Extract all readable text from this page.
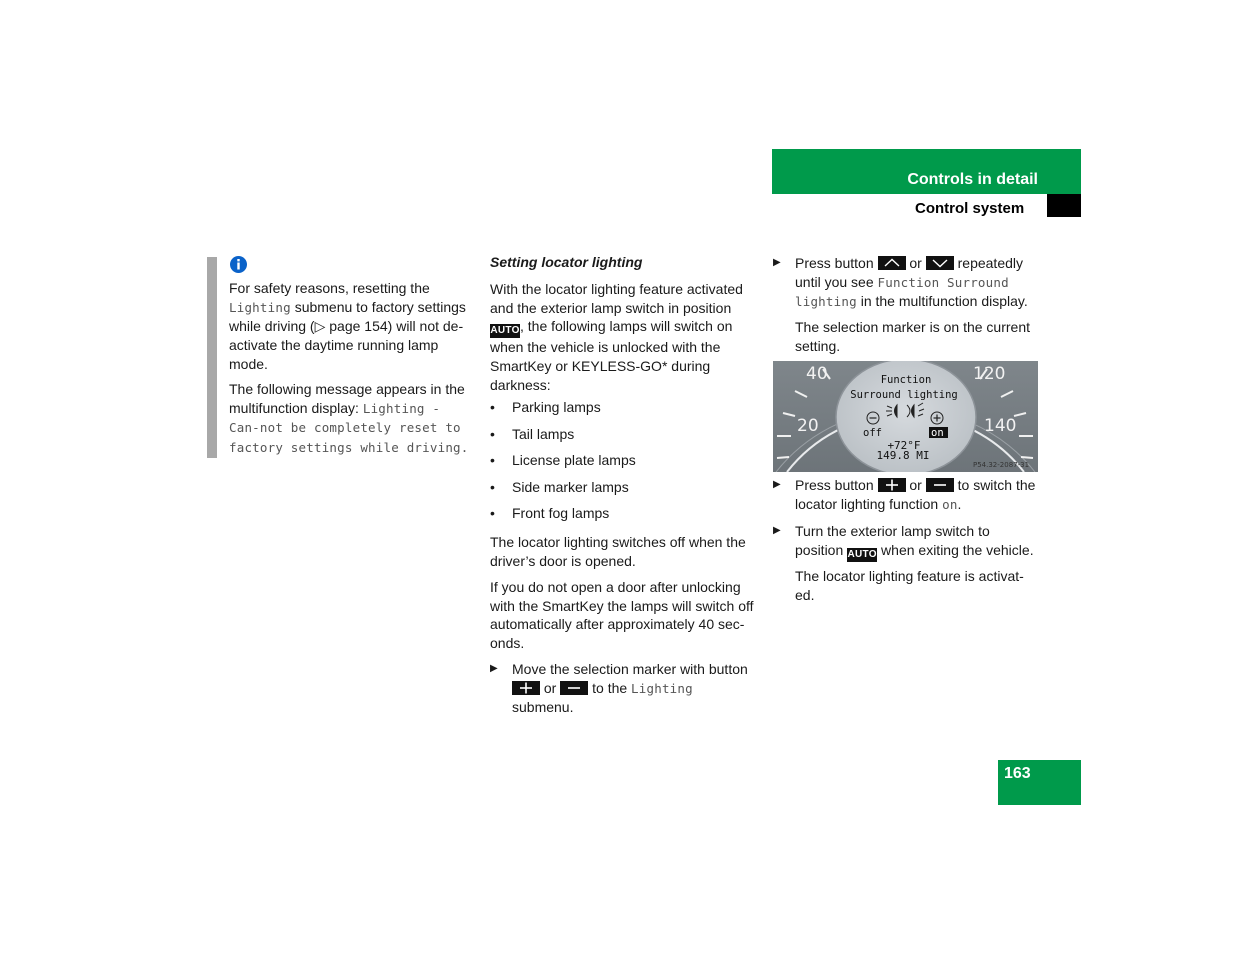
Controls in detail
Control system

For safety reasons, resetting the Lighting submenu to factory settings while driving (▷ page 154) will not de-activate the daytime running lamp mode.

The following message appears in the multifunction display: Lighting - Can-not be completely reset to factory settings while driving.

Setting locator lighting

With the locator lighting feature activated and the exterior lamp switch in position AUTO, the following lamps will switch on when the vehicle is unlocked with the SmartKey or KEYLESS-GO* during darkness:

• Parking lamps
• Tail lamps
• License plate lamps
• Side marker lamps
• Front fog lamps

The locator lighting switches off when the driver’s door is opened.

If you do not open a door after unlocking with the SmartKey the lamps will switch off automatically after approximately 40 sec-onds.

▶ Move the selection marker with button  or	to the Lighting
submenu.
▶ Press button  or	repeatedly until you see Function Surround lighting in the multifunction display.

The selection marker is on the current setting.

40
20
120
140
Function
Surround lighting
off	on
+72°F
149.8 MI
P54.32-2087-31
▶ Press button  or	to switch the locator lighting function on.
▶ Turn the exterior lamp switch to position AUTO when exiting the vehicle.

The locator lighting feature is activat-ed.

163
